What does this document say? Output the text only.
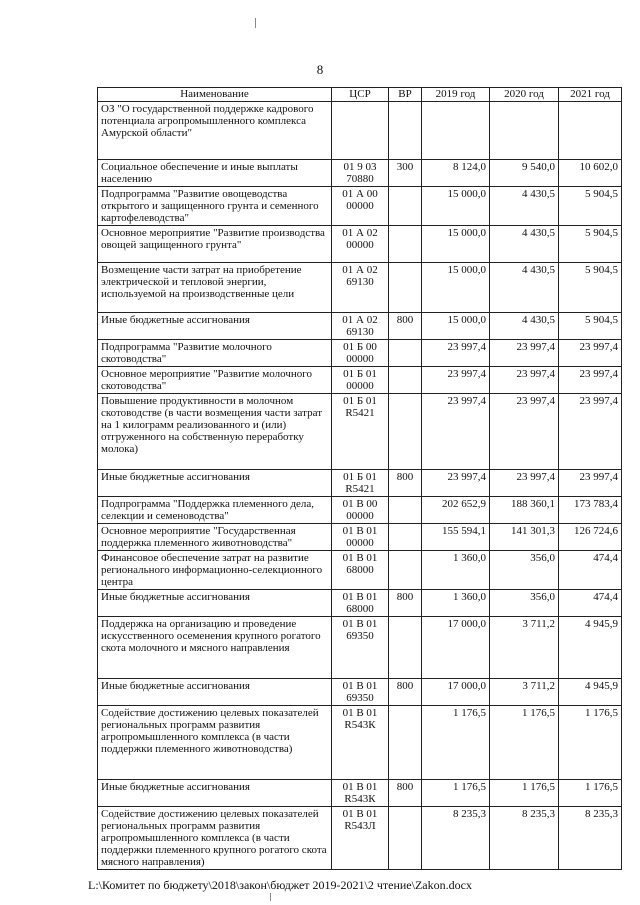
8
Наименование	ЦСР	ВР	2019 год	2020 год	2021 год
ОЗ "О государственной поддержке кадрового потенциала агропромышленного комплекса Амурской области"					
Социальное обеспечение и иные выплаты населению	01 9 03 70880	300	8 124,0	9 540,0	10 602,0
Подпрограмма "Развитие овощеводства открытого и защищенного грунта и семенного картофелеводства"	01 А 00 00000		15 000,0	4 430,5	5 904,5
Основное мероприятие "Развитие производства овощей защищенного грунта"	01 А 02 00000		15 000,0	4 430,5	5 904,5
Возмещение части затрат на приобретение электрической и тепловой энергии, используемой на производственные цели	01 А 02 69130		15 000,0	4 430,5	5 904,5
Иные бюджетные ассигнования	01 А 02 69130	800	15 000,0	4 430,5	5 904,5
Подпрограмма "Развитие молочного скотоводства"	01 Б 00 00000		23 997,4	23 997,4	23 997,4
Основное мероприятие "Развитие молочного скотоводства"	01 Б 01 00000		23 997,4	23 997,4	23 997,4
Повышение продуктивности в молочном скотоводстве (в части возмещения части затрат на 1 килограмм реализованного и (или) отгруженного на собственную переработку молока)	01 Б 01 R5421		23 997,4	23 997,4	23 997,4
Иные бюджетные ассигнования	01 Б 01 R5421	800	23 997,4	23 997,4	23 997,4
Подпрограмма "Поддержка племенного дела, селекции и семеноводства"	01 В 00 00000		202 652,9	188 360,1	173 783,4
Основное мероприятие "Государственная поддержка племенного животноводства"	01 В 01 00000		155 594,1	141 301,3	126 724,6
Финансовое обеспечение затрат на развитие регионального информационно-селекционного центра	01 В 01 68000		1 360,0	356,0	474,4
Иные бюджетные ассигнования	01 В 01 68000	800	1 360,0	356,0	474,4
Поддержка на организацию и проведение искусственного осеменения крупного рогатого скота молочного и мясного направления	01 В 01 69350		17 000,0	3 711,2	4 945,9
Иные бюджетные ассигнования	01 В 01 69350	800	17 000,0	3 711,2	4 945,9
Содействие достижению целевых показателей региональных программ развития агропромышленного комплекса (в части поддержки племенного животноводства)	01 В 01 R543К		1 176,5	1 176,5	1 176,5
Иные бюджетные ассигнования	01 В 01 R543К	800	1 176,5	1 176,5	1 176,5
Содействие достижению целевых показателей региональных программ развития агропромышленного комплекса (в части поддержки племенного крупного рогатого скота мясного направления)	01 В 01 R543Л		8 235,3	8 235,3	8 235,3
L:\Комитет по бюджету\2018\закон\бюджет 2019-2021\2 чтение\Zakon.docx
